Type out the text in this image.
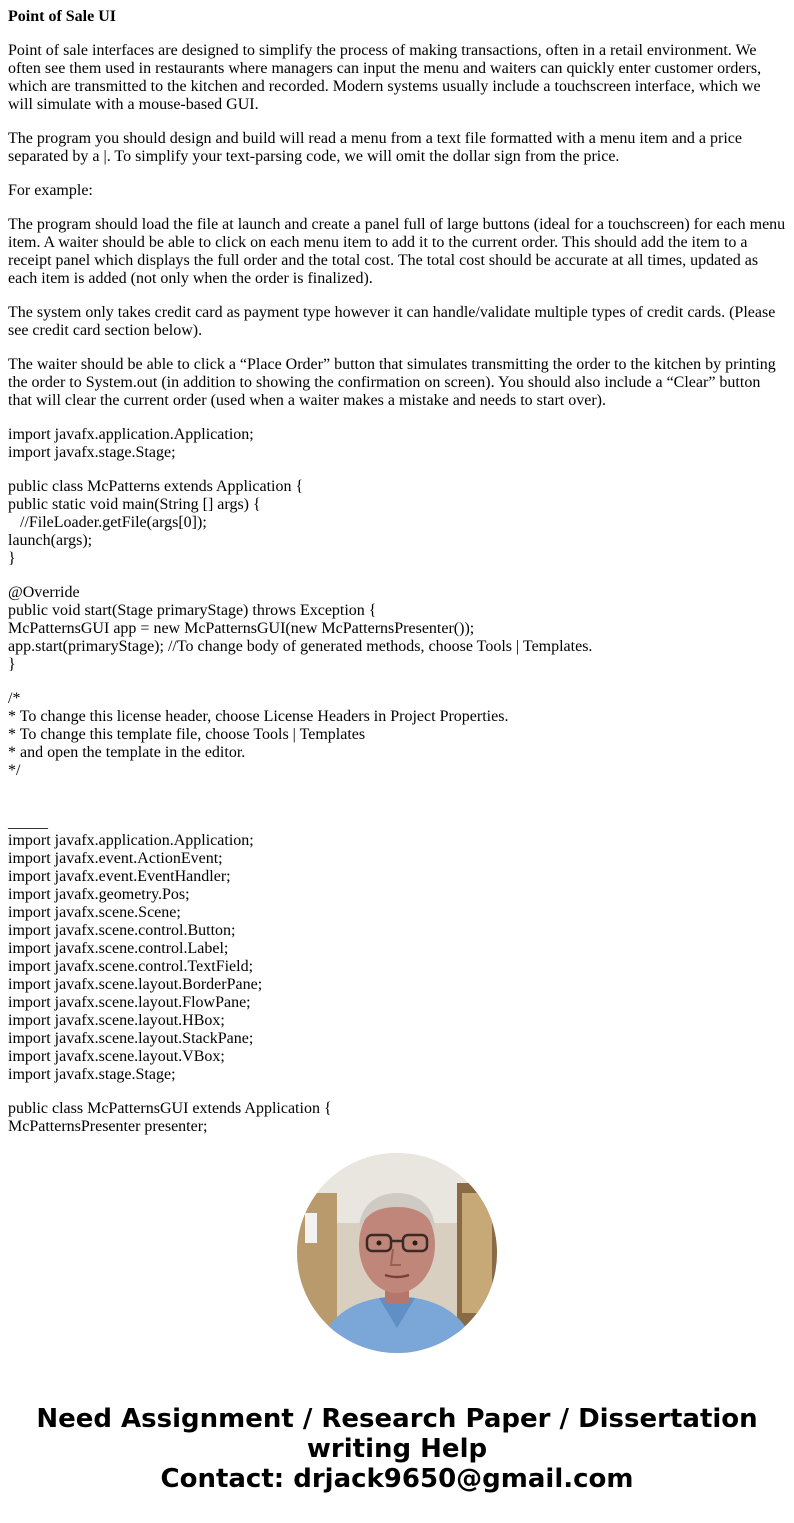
Point of Sale UI

Point of sale interfaces are designed to simplify the process of making transactions, often in a retail environment. We often see them used in restaurants where managers can input the menu and waiters can quickly enter customer orders, which are transmitted to the kitchen and recorded. Modern systems usually include a touchscreen interface, which we will simulate with a mouse-based GUI.

The program you should design and build will read a menu from a text file formatted with a menu item and a price separated by a |. To simplify your text-parsing code, we will omit the dollar sign from the price.

For example:

The program should load the file at launch and create a panel full of large buttons (ideal for a touchscreen) for each menu item. A waiter should be able to click on each menu item to add it to the current order. This should add the item to a receipt panel which displays the full order and the total cost. The total cost should be accurate at all times, updated as each item is added (not only when the order is finalized).

The system only takes credit card as payment type however it can handle/validate multiple types of credit cards. (Please see credit card section below).

The waiter should be able to click a “Place Order” button that simulates transmitting the order to the kitchen by printing the order to System.out (in addition to showing the confirmation on screen). You should also include a “Clear” button that will clear the current order (used when a waiter makes a mistake and needs to start over).

import javafx.application.Application;
import javafx.stage.Stage;
public class McPatterns extends Application {
public static void main(String [] args) {
//FileLoader.getFile(args[0]);
launch(args);
}
@Override
public void start(Stage primaryStage) throws Exception {
McPatternsGUI app = new McPatternsGUI(new McPatternsPresenter());
app.start(primaryStage); //To change body of generated methods, choose Tools | Templates.
}
/*
* To change this license header, choose License Headers in Project Properties.
* To change this template file, choose Tools | Templates
* and open the template in the editor.
*/
_____
import javafx.application.Application;
import javafx.event.ActionEvent;
import javafx.event.EventHandler;
import javafx.geometry.Pos;
import javafx.scene.Scene;
import javafx.scene.control.Button;
import javafx.scene.control.Label;
import javafx.scene.control.TextField;
import javafx.scene.layout.BorderPane;
import javafx.scene.layout.FlowPane;
import javafx.scene.layout.HBox;
import javafx.scene.layout.StackPane;
import javafx.scene.layout.VBox;
import javafx.stage.Stage;
public class McPatternsGUI extends Application {
McPatternsPresenter presenter;
Need Assignment / Research Paper / Dissertation
writing Help
Contact: drjack9650@gmail.com
